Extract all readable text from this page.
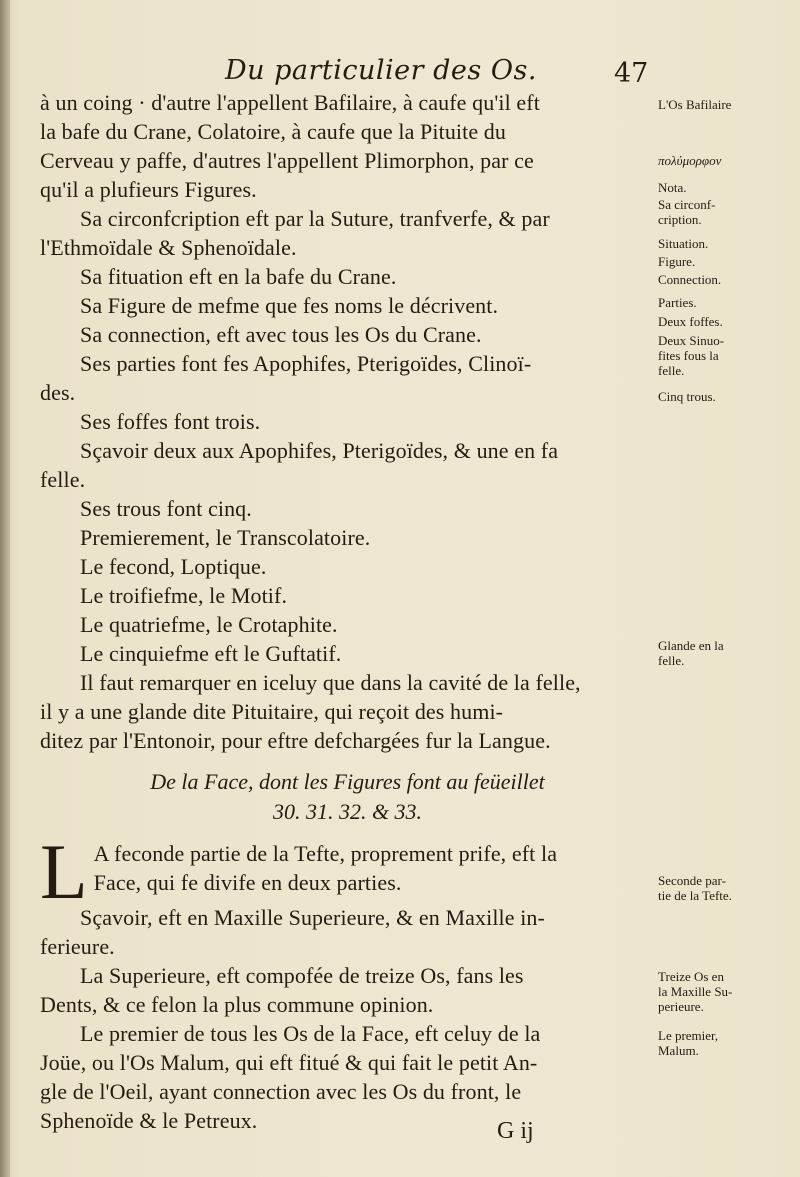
Du particulier des Os.	47
à un coing · d'autre l'appellent Bafilaire, à caufe qu'il eft
la bafe du Crane, Colatoire, à caufe que la Pituite du
Cerveau y paffe, d'autres l'appellent Plimorphon, par ce
qu'il a plufieurs Figures.
Sa circonfcription eft par la Suture, tranfverfe, & par
l'Ethmoïdale & Sphenoïdale.
Sa fituation eft en la bafe du Crane.
Sa Figure de mefme que fes noms le décrivent.
Sa connection, eft avec tous les Os du Crane.
Ses parties font fes Apophifes, Pterigoïdes, Clinoï-
des.
Ses foffes font trois.
Sçavoir deux aux Apophifes, Pterigoïdes, & une en fa
felle.
Ses trous font cinq.
Premierement, le Transcolatoire.
Le fecond, Loptique.
Le troifiefme, le Motif.
Le quatriefme, le Crotaphite.
Le cinquiefme eft le Guftatif.
Il faut remarquer en iceluy que dans la cavité de la felle,
il y a une glande dite Pituitaire, qui reçoit des humi-
ditez par l'Entonoir, pour eftre defchargées fur la Langue.
De la Face, dont les Figures font au feüeillet
30. 31. 32. & 33.
L A feconde partie de la Tefte, proprement prife, eft la
Face, qui fe divife en deux parties.
Sçavoir, eft en Maxille Superieure, & en Maxille in-
ferieure.
La Superieure, eft compofée de treize Os, fans les
Dents, & ce felon la plus commune opinion.
Le premier de tous les Os de la Face, eft celuy de la
Joüe, ou l'Os Malum, qui eft fitué & qui fait le petit An-
gle de l'Oeil, ayant connection avec les Os du front, le
Sphenoïde & le Petreux.
L'Os Bafilaire
πολύμορφον
Nota.
Sa circonf-
cription.
Situation.
Figure.
Connection.
Parties.
Deux foffes.
Deux Sinuo-
fites fous la
felle.
Cinq trous.
Glande en la
felle.
Seconde par-
tie de la Tefte.
Treize Os en
la Maxille Su-
perieure.
Le premier,
Malum.
G ij
